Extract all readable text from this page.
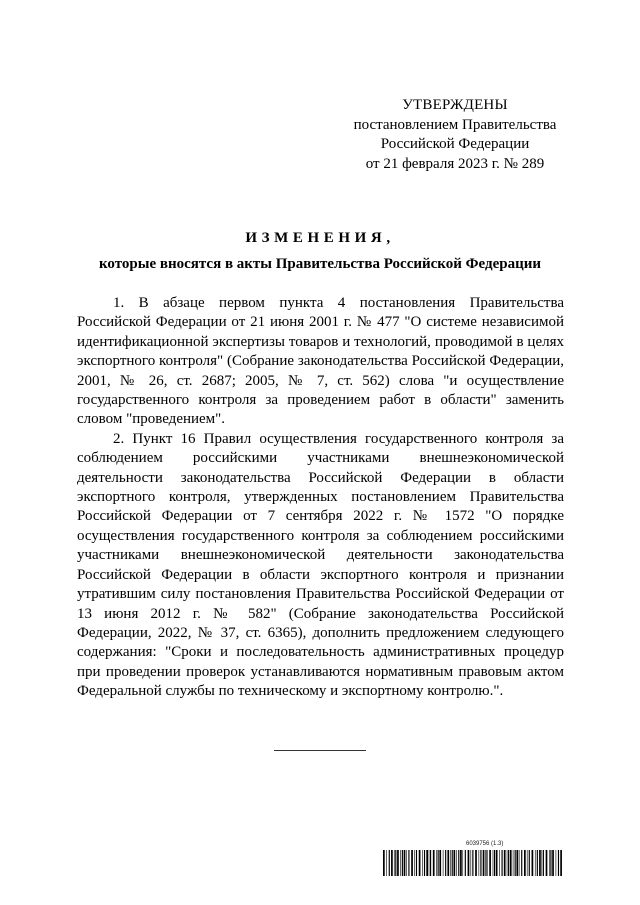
УТВЕРЖДЕНЫ
постановлением Правительства
Российской Федерации
от 21 февраля 2023 г. № 289
ИЗМЕНЕНИЯ,
которые вносятся в акты Правительства Российской Федерации

1. В абзаце первом пункта 4 постановления Правительства Российской Федерации от 21 июня 2001 г. № 477 "О системе независимой идентификационной экспертизы товаров и технологий, проводимой в целях экспортного контроля" (Собрание законодательства Российской Федерации, 2001, № 26, ст. 2687; 2005, № 7, ст. 562) слова "и осуществление государственного контроля за проведением работ в области" заменить словом "проведением".

2. Пункт 16 Правил осуществления государственного контроля за соблюдением российскими участниками внешнеэкономической деятельности законодательства Российской Федерации в области экспортного контроля, утвержденных постановлением Правительства Российской Федерации от 7 сентября 2022 г. № 1572 "О порядке осуществления государственного контроля за соблюдением российскими участниками внешнеэкономической деятельности законодательства Российской Федерации в области экспортного контроля и признании утратившим силу постановления Правительства Российской Федерации от 13 июня 2012 г. № 582" (Собрание законодательства Российской Федерации, 2022, № 37, ст. 6365), дополнить предложением следующего содержания: "Сроки и последовательность административных процедур при проведении проверок устанавливаются нормативным правовым актом Федеральной службы по техническому и экспортному контролю.".

6039756 (1.3)
